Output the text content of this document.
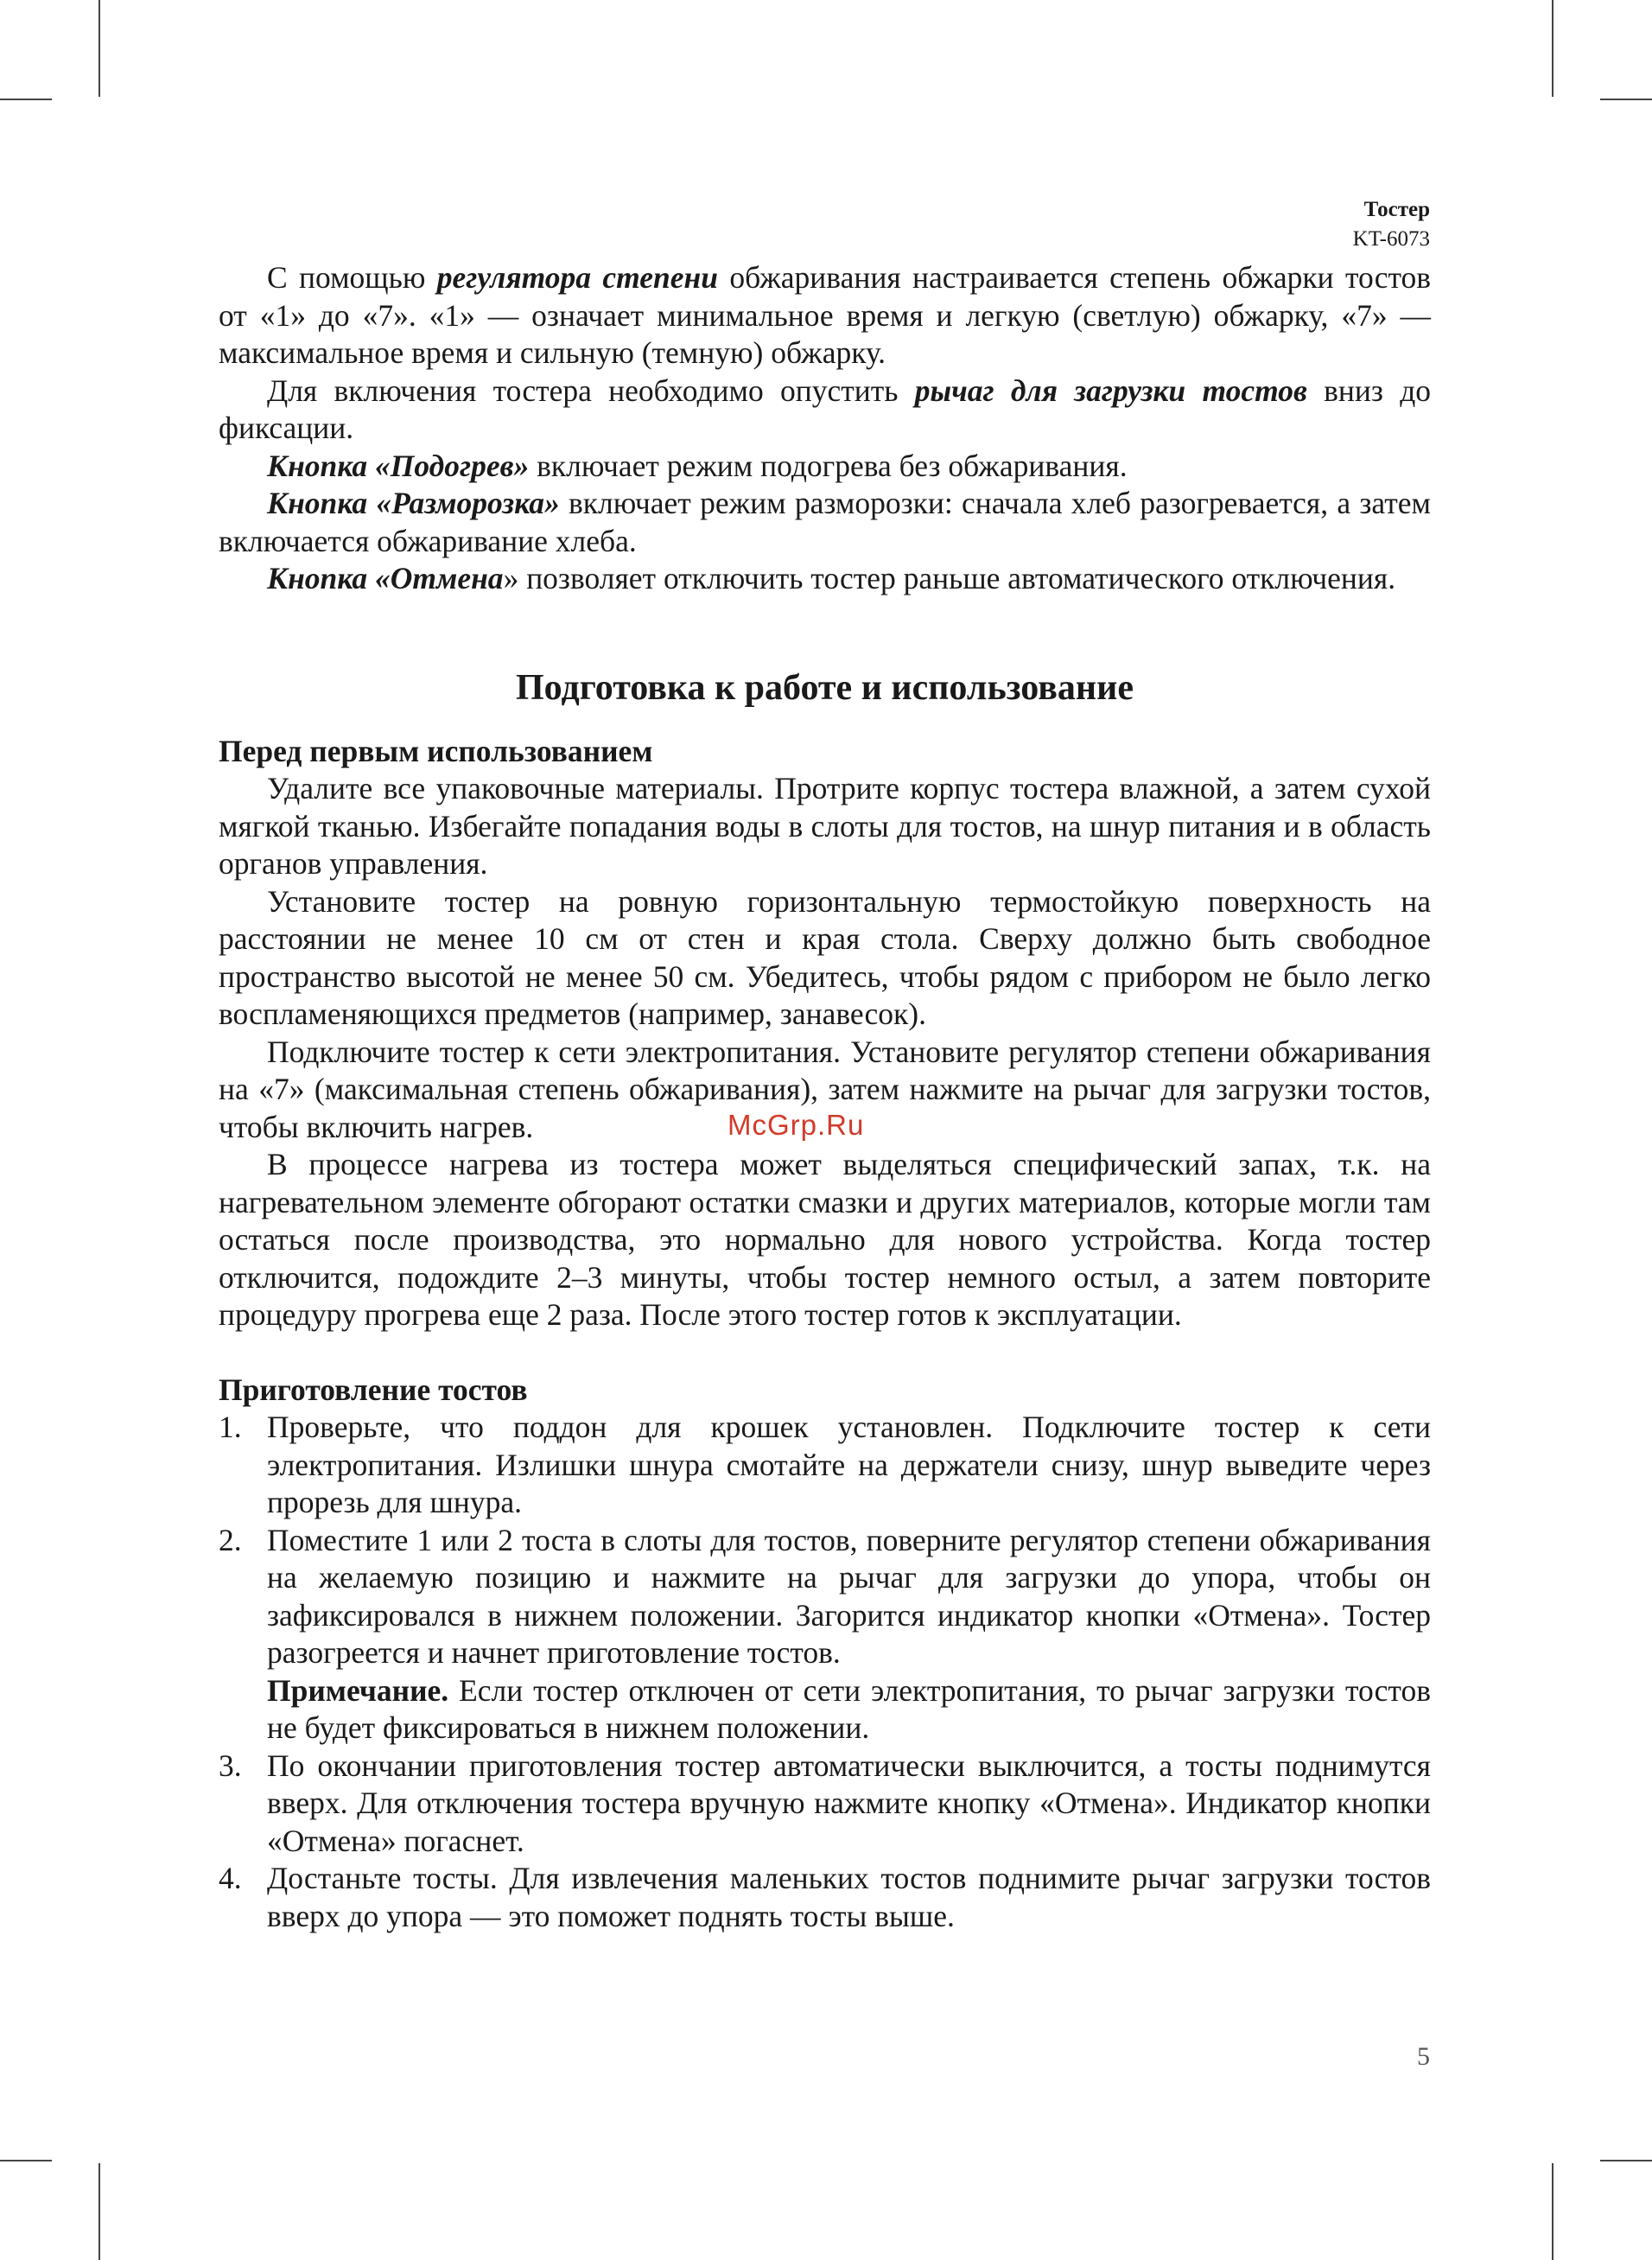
Тостер
KT-6073

С помощью регулятора степени обжаривания настраивается степень обжарки тостов от «1» до «7». «1» — означает минимальное время и легкую (светлую) обжарку, «7» — максимальное время и сильную (темную) обжарку.

Для включения тостера необходимо опустить рычаг для загрузки тостов вниз до фиксации.

Кнопка «Подогрев» включает режим подогрева без обжаривания.

Кнопка «Разморозка» включает режим разморозки: сначала хлеб разогревается, а затем включается обжаривание хлеба.

Кнопка «Отмена» позволяет отключить тостер раньше автоматического отключения.

Подготовка к работе и использование

Перед первым использованием

Удалите все упаковочные материалы. Протрите корпус тостера влажной, а затем сухой мягкой тканью. Избегайте попадания воды в слоты для тостов, на шнур питания и в область органов управления.

Установите тостер на ровную горизонтальную термостойкую поверхность на расстоянии не менее 10 см от стен и края стола. Сверху должно быть свободное пространство высотой не менее 50 см. Убедитесь, чтобы рядом с прибором не было легко воспламеняющихся предметов (например, занавесок).

Подключите тостер к сети электропитания. Установите регулятор степени обжаривания на «7» (максимальная степень обжаривания), затем нажмите на рычаг для загрузки тостов, чтобы включить нагрев.

В процессе нагрева из тостера может выделяться специфический запах, т.к. на нагревательном элементе обгорают остатки смазки и других материалов, которые могли там остаться после производства, это нормально для нового устройства. Когда тостер отключится, подождите 2–3 минуты, чтобы тостер немного остыл, а затем повторите процедуру прогрева еще 2 раза. После этого тостер готов к эксплуатации.

Приготовление тостов

1. Проверьте, что поддон для крошек установлен. Подключите тостер к сети электропитания. Излишки шнура смотайте на держатели снизу, шнур выведите через прорезь для шнура.

2. Поместите 1 или 2 тоста в слоты для тостов, поверните регулятор степени обжаривания на желаемую позицию и нажмите на рычаг для загрузки до упора, чтобы он зафиксировался в нижнем положении. Загорится индикатор кнопки «Отмена». Тостер разогреется и начнет приготовление тостов.

Примечание. Если тостер отключен от сети электропитания, то рычаг загрузки тостов не будет фиксироваться в нижнем положении.

3. По окончании приготовления тостер автоматически выключится, а тосты поднимутся вверх. Для отключения тостера вручную нажмите кнопку «Отмена». Индикатор кнопки «Отмена» погаснет.

4. Достаньте тосты. Для извлечения маленьких тостов поднимите рычаг загрузки тостов вверх до упора — это поможет поднять тосты выше.

McGrp.Ru
5
